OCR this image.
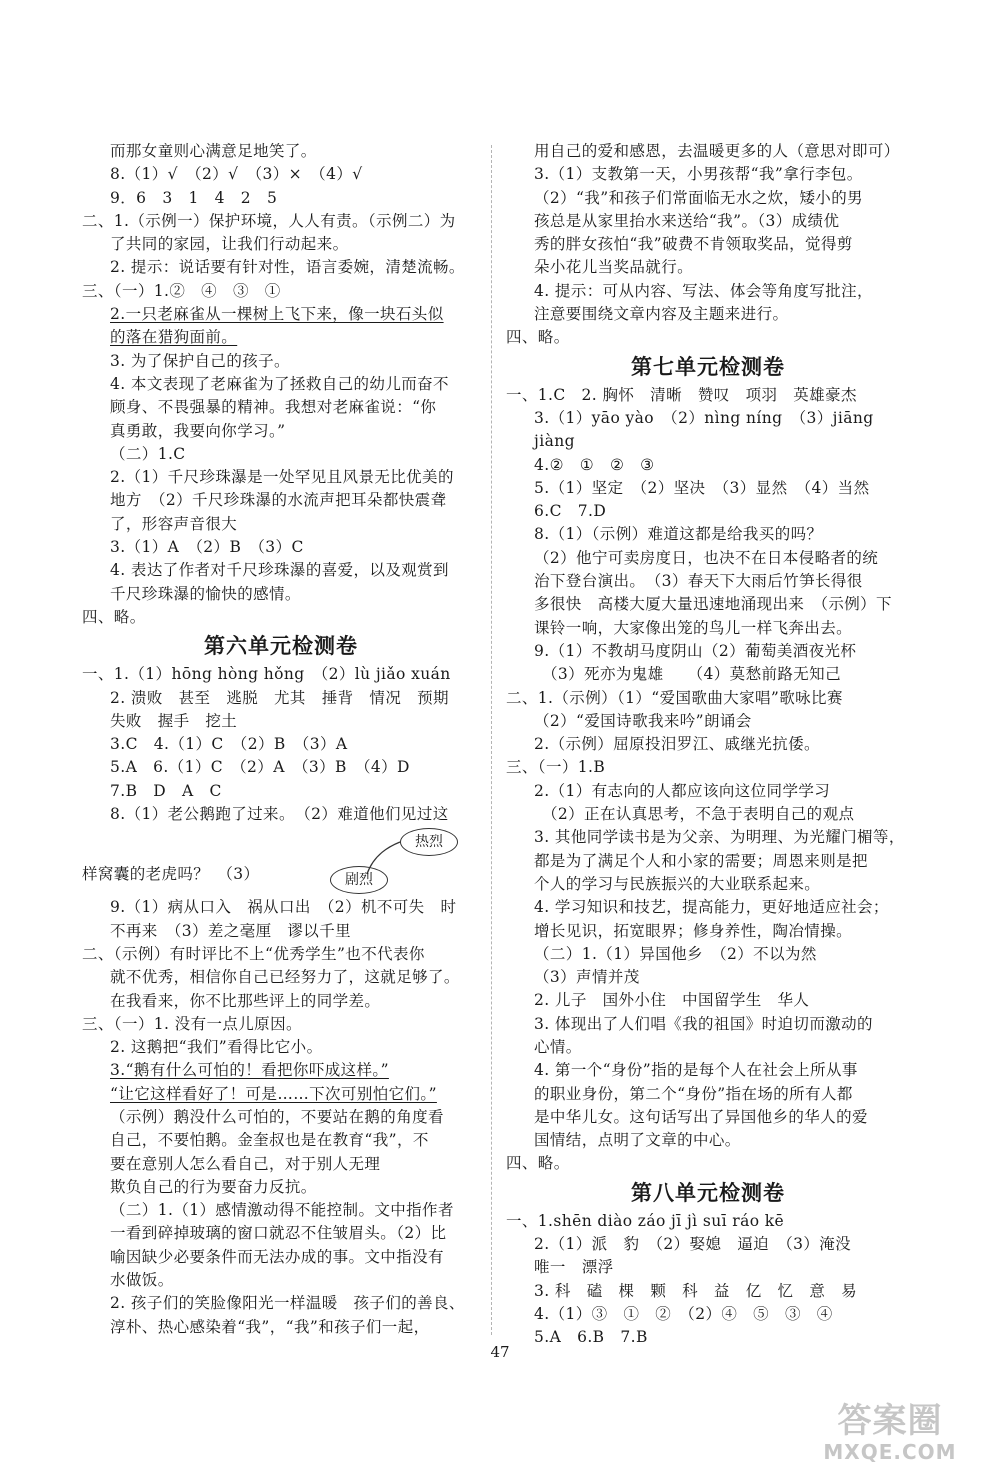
而那女童则心满意足地笑了。
8.（1）√　（2）√　（3）×　（4）√
9．6　3　1　4　2　5
二、1.（示例一）保护环境，人人有责。（示例二）为
了共同的家园，让我们行动起来。
2. 提示：说话要有针对性，语言委婉，清楚流畅。
三、（一）1.②　④　③　①
2.一只老麻雀从一棵树上飞下来，像一块石头似
的落在猎狗面前。
3. 为了保护自己的孩子。
4. 本文表现了老麻雀为了拯救自己的幼儿而奋不
顾身、不畏强暴的精神。我想对老麻雀说：“你
真勇敢，我要向你学习。”
（二）1.C
2.（1）千尺珍珠瀑是一处罕见且风景无比优美的
地方　（2）千尺珍珠瀑的水流声把耳朵都快震聋
了，形容声音很大
3.（1）A　（2）B　（3）C
4. 表达了作者对千尺珍珠瀑的喜爱，以及观赏到
千尺珍珠瀑的愉快的感情。
四、略。
第六单元检测卷
一、1.（1）hōng hòng hǒng　（2）lù jiǎo xuán
2. 溃败　甚至　逃脱　尤其　捶背　情况　预期
失败　握手　挖土
3.C　4.（1）C　（2）B　（3）A
5.A　6.（1）C　（2）A　（3）B　（4）D
7.B　D　A　C
8.（1）老公鹅跑了过来。　（2）难道他们见过这
样窝囊的老虎吗？　（3）
热烈
剧烈
9.（1）病从口入　祸从口出　（2）机不可失　时
不再来　（3）差之毫厘　谬以千里
二、（示例）有时评比不上“优秀学生”也不代表你
就不优秀，相信你自己已经努力了，这就足够了。
在我看来，你不比那些评上的同学差。
三、（一）1. 没有一点儿原因。
2. 这鹅把“我们”看得比它小。
3.“鹅有什么可怕的！看把你吓成这样。”
“让它这样看好了！可是……下次可别怕它们。”
（示例）鹅没什么可怕的，不要站在鹅的角度看
自己，不要怕鹅。金奎叔也是在教育“我”，不
要在意别人怎么看自己，对于别人无理
欺负自己的行为要奋力反抗。
（二）1.（1）感情激动得不能控制。文中指作者
一看到碎掉玻璃的窗口就忍不住皱眉头。（2）比
喻因缺少必要条件而无法办成的事。文中指没有
水做饭。
2. 孩子们的笑脸像阳光一样温暖　孩子们的善良、
淳朴、热心感染着“我”，“我”和孩子们一起，
用自己的爱和感恩，去温暖更多的人（意思对即可）
3.（1）支教第一天，小男孩帮“我”拿行李包。
（2）“我”和孩子们常面临无水之炊，矮小的男
孩总是从家里抬水来送给“我”。（3）成绩优
秀的胖女孩怕“我”破费不肯领取奖品，觉得剪
朵小花儿当奖品就行。
4. 提示：可从内容、写法、体会等角度写批注，
注意要围绕文章内容及主题来进行。
四、略。
第七单元检测卷
一、1.C　2. 胸怀　清晰　赞叹　项羽　英雄豪杰
3.（1）yāo yào　（2）nìng níng　（3）jiāng
jiàng
4.②　①　②　③
5.（1）坚定　（2）坚决　（3）显然　（4）当然
6.C　7.D
8.（1）（示例）难道这都是给我买的吗？
（2）他宁可卖房度日，也决不在日本侵略者的统
治下登台演出。　（3）春天下大雨后竹笋长得很
多很快　高楼大厦大量迅速地涌现出来　（示例）下
课铃一响，大家像出笼的鸟儿一样飞奔出去。
9.（1）不教胡马度阴山（2）葡萄美酒夜光杯
（3）死亦为鬼雄　　（4）莫愁前路无知己
二、1.（示例）（1）“爱国歌曲大家唱”歌咏比赛
（2）“爱国诗歌我来吟”朗诵会
2.（示例）屈原投汨罗江、戚继光抗倭。
三、（一）1.B
2.（1）有志向的人都应该向这位同学学习
（2）正在认真思考，不急于表明自己的观点
3. 其他同学读书是为父亲、为明理、为光耀门楣等，
都是为了满足个人和小家的需要；周恩来则是把
个人的学习与民族振兴的大业联系起来。
4. 学习知识和技艺，提高能力，更好地适应社会；
增长见识，拓宽眼界；修身养性，陶冶情操。
（二）1.（1）异国他乡　（2）不以为然
（3）声情并茂
2. 儿子　国外小住　中国留学生　华人
3. 体现出了人们唱《我的祖国》时迫切而激动的
心情。
4. 第一个“身份”指的是每个人在社会上所从事
的职业身份，第二个“身份”指在场的所有人都
是中华儿女。这句话写出了异国他乡的华人的爱
国情结，点明了文章的中心。
四、略。
第八单元检测卷
一、1.shēn diào záo jī jì suī ráo kē
2.（1）派　豹　（2）娶媳　逼迫　（3）淹没
唯一　漂浮
3. 科　磕　棵　颗　科　益　亿　忆　意　易
4.（1）③　①　②　（2）④　⑤　③　④
5.A　6.B　7.B
47
答案圈
MXQE.COM
